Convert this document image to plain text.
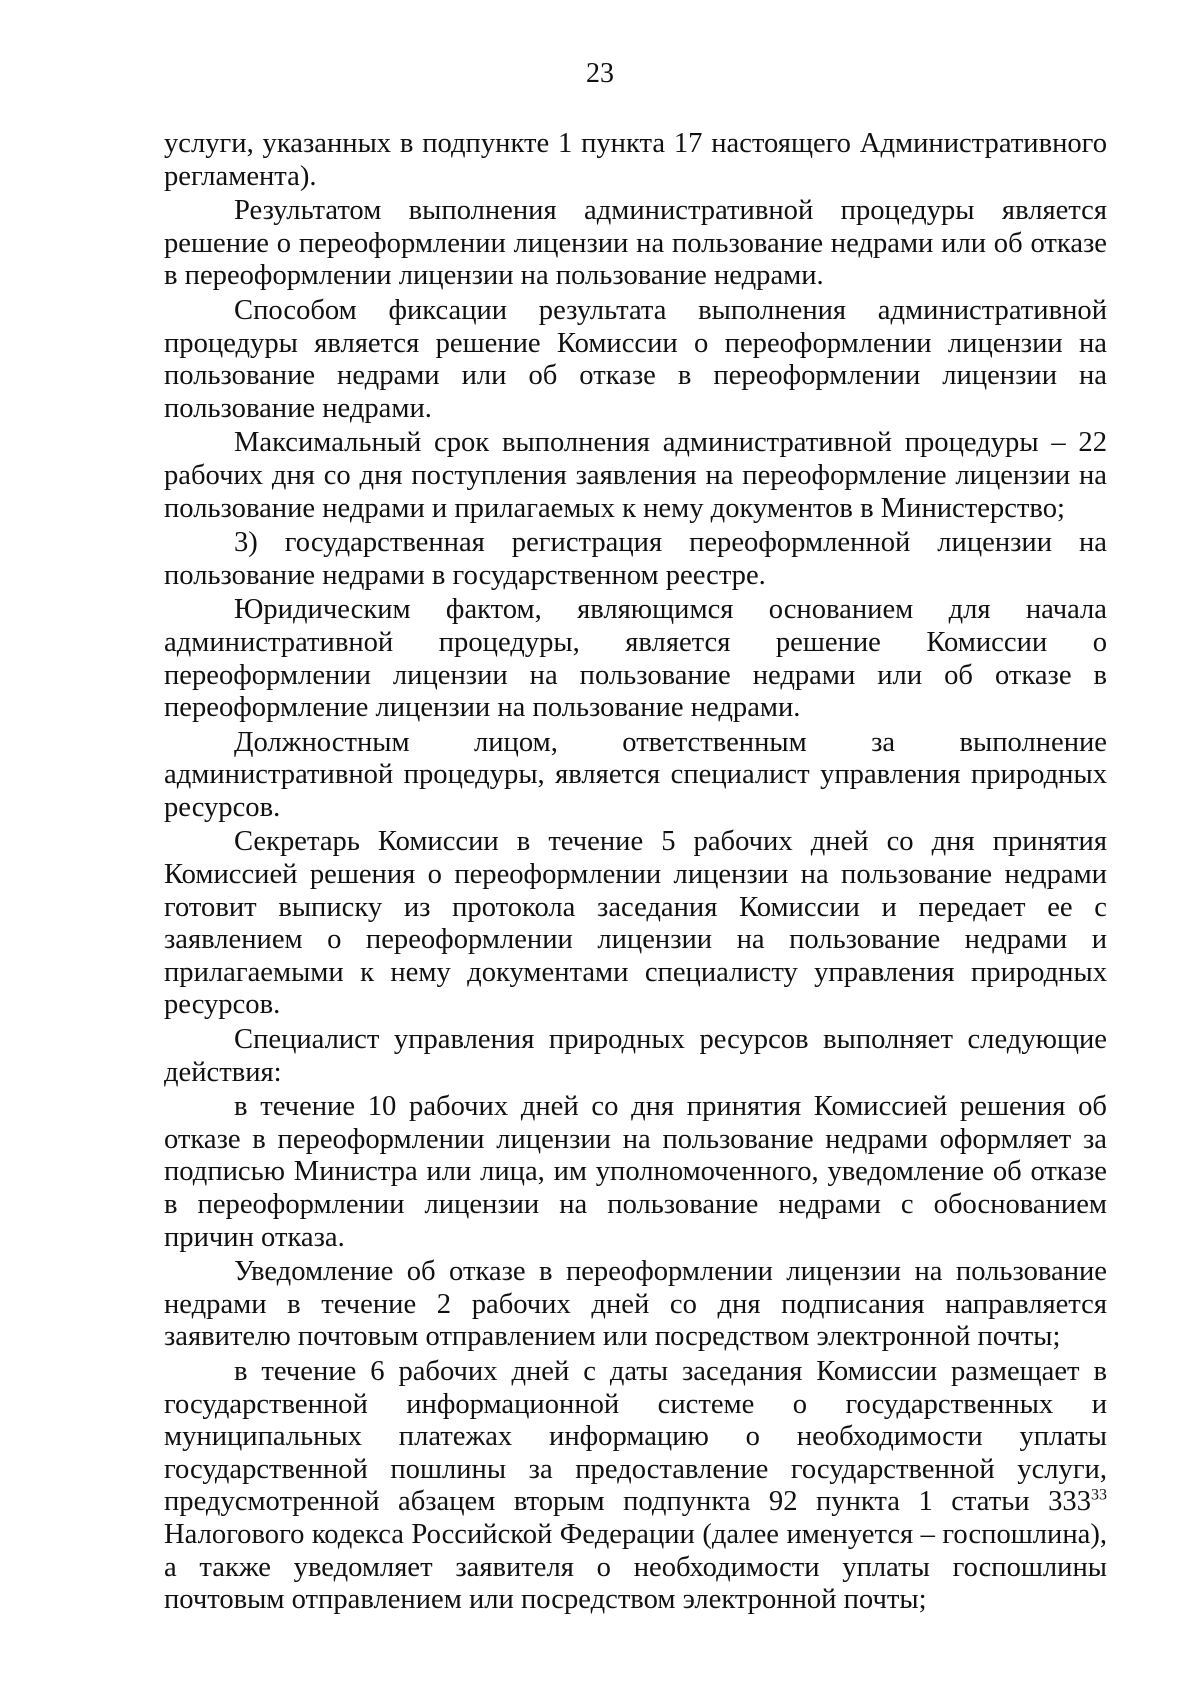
23

услуги, указанных в подпункте 1 пункта 17 настоящего Административного регламента).

Результатом выполнения административной процедуры является решение о переоформлении лицензии на пользование недрами или об отказе в переоформлении лицензии на пользование недрами.

Способом фиксации результата выполнения административной процедуры является решение Комиссии о переоформлении лицензии на пользование недрами или об отказе в переоформлении лицензии на пользование недрами.

Максимальный срок выполнения административной процедуры – 22 рабочих дня со дня поступления заявления на переоформление лицензии на пользование недрами и прилагаемых к нему документов в Министерство;

3) государственная регистрация переоформленной лицензии на пользование недрами в государственном реестре.

Юридическим фактом, являющимся основанием для начала административной процедуры, является решение Комиссии о переоформлении лицензии на пользование недрами или об отказе в переоформление лицензии на пользование недрами.

Должностным лицом, ответственным за выполнение административной процедуры, является специалист управления природных ресурсов.

Секретарь Комиссии в течение 5 рабочих дней со дня принятия Комиссией решения о переоформлении лицензии на пользование недрами готовит выписку из протокола заседания Комиссии и передает ее с заявлением о переоформлении лицензии на пользование недрами и прилагаемыми к нему документами специалисту управления природных ресурсов.

Специалист управления природных ресурсов выполняет следующие действия:

в течение 10 рабочих дней со дня принятия Комиссией решения об отказе в переоформлении лицензии на пользование недрами оформляет за подписью Министра или лица, им уполномоченного, уведомление об отказе в переоформлении лицензии на пользование недрами с обоснованием причин отказа.

Уведомление об отказе в переоформлении лицензии на пользование недрами в течение 2 рабочих дней со дня подписания направляется заявителю почтовым отправлением или посредством электронной почты;

в течение 6 рабочих дней с даты заседания Комиссии размещает в государственной информационной системе о государственных и муниципальных платежах информацию о необходимости уплаты государственной пошлины за предоставление государственной услуги, предусмотренной абзацем вторым подпункта 92 пункта 1 статьи $333^{33}$ Налогового кодекса Российской Федерации (далее именуется – госпошлина), а также уведомляет заявителя о необходимости уплаты госпошлины почтовым отправлением или посредством электронной почты;
